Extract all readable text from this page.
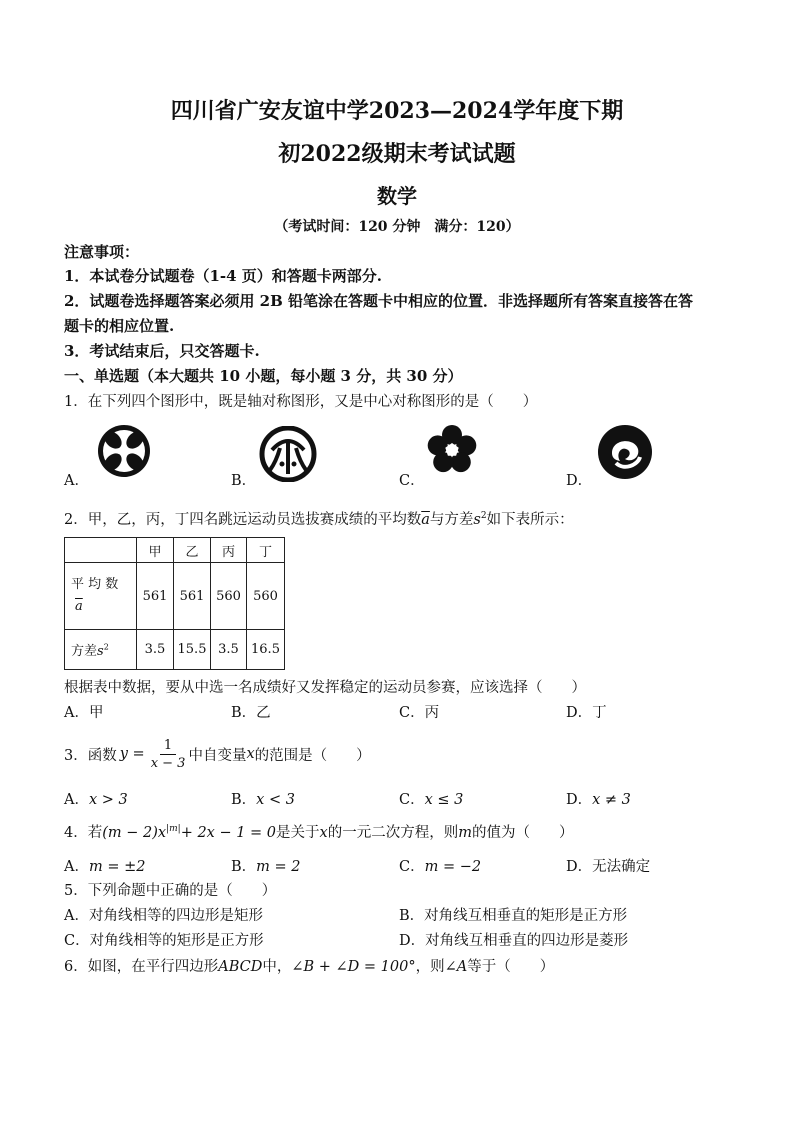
四川省广安友谊中学2023—2024学年度下期
初2022级期末考试试题
数学
（考试时间：120 分钟　满分：120）
注意事项：
1．本试卷分试题卷（1-4 页）和答题卡两部分.
2．试题卷选择题答案必须用 2B 铅笔涂在答题卡中相应的位置．非选择题所有答案直接答在答
题卡的相应位置.
3．考试结束后，只交答题卡.
一、单选题（本大题共 10 小题，每小题 3 分，共 30 分）
1．在下列四个图形中，既是轴对称图形，又是中心对称图形的是（　　）
A．	B．	C．	D．
2．甲，乙，丙，丁四名跳远运动员选拔赛成绩的平均数$\overline{a}$与方差$s^2$如下表所示：
	甲	乙	丙	丁

平 均 数
$\overline{a}$	561	561	560	560
方差$s^2$	3.5	15.5	3.5	16.5
根据表中数据，要从中选一名成绩好又发挥稳定的运动员参赛，应该选择（　　）
A．甲	B．乙	C．丙	D．丁
3．函数 $y = \frac{1}{x - 3}$ 中自变量 x 的范围是（　　）
A．x > 3	B．x < 3	C．x ≤ 3	D．x ≠ 3
4．若$(m - 2)x^{|m|}+ 2x - 1 = 0$是关于x的一元二次方程，则m的值为（　　）
A．m = ±2	B．m = 2	C．m = −2	D．无法确定
5．下列命题中正确的是（　　）
A．对角线相等的四边形是矩形	B．对角线互相垂直的矩形是正方形
C．对角线相等的矩形是正方形	D．对角线互相垂直的四边形是菱形
6．如图，在平行四边形ABCD中，∠B + ∠D = 100°，则∠A等于（　　）
